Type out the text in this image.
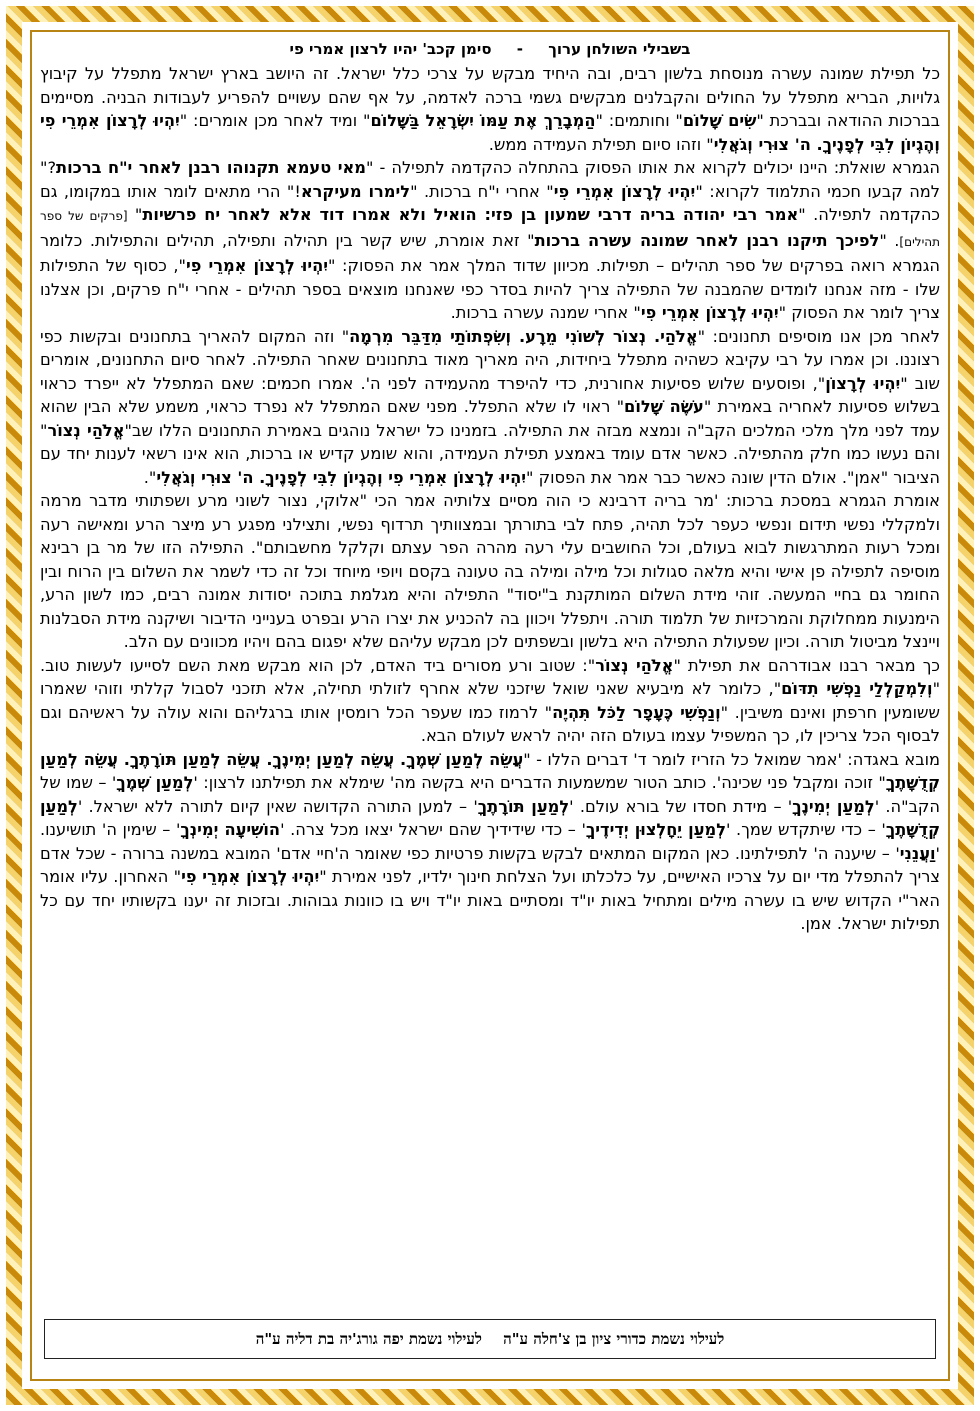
בשבילי השולחן ערוך - סימן קכב' יהיו לרצון אמרי פי

כל תפילת שמונה עשרה מנוסחת בלשון רבים, ובה היחיד מבקש על צרכי כלל ישראל. זה היושב בארץ ישראל מתפלל על קיבוץ גלויות, הבריא מתפלל על החולים והקבלנים מבקשים גשמי ברכה לאדמה, על אף שהם עשויים להפריע לעבודות הבניה. מסיימים בברכות ההודאה ובברכת "שִׂים שָׁלוֹם" וחותמים: "הַמְבָרֵךְ אֶת עַמּוֹ יִשְׂרָאֵל בַּשָּׁלוֹם" ומיד לאחר מכן אומרים: "יִהְיוּ לְרָצוֹן אִמְרֵי פִי וְהֶגְיוֹן לִבִּי לְפָנֶיךָ. ה' צוּרִי וְגֹאֲלִי" וזהו סיום תפילת העמידה ממש.

הגמרא שואלת: היינו יכולים לקרוא את אותו הפסוק בהתחלה כהקדמה לתפילה - "מאי טעמא תקנוהו רבנן לאחר י"ח ברכות?" למה קבעו חכמי התלמוד לקרוא: "יִהְיוּ לְרָצוֹן אִמְרֵי פִי" אחרי י"ח ברכות. "לימרו מעיקרא!" הרי מתאים לומר אותו במקומו, גם כהקדמה לתפילה. "אמר רבי יהודה בריה דרבי שמעון בן פזי: הואיל ולא אמרו דוד אלא לאחר יח פרשיות" [פרקים של ספר תהילים]. "לפיכך תיקנו רבנן לאחר שמונה עשרה ברכות" זאת אומרת, שיש קשר בין תהילה ותפילה, תהילים והתפילות. כלומר הגמרא רואה בפרקים של ספר תהילים – תפילות. מכיוון שדוד המלך אמר את הפסוק: "יִהְיוּ לְרָצוֹן אִמְרֵי פִי", כסוף של התפילות שלו - מזה אנחנו לומדים שהמבנה של התפילה צריך להיות בסדר כפי שאנחנו מוצאים בספר תהילים - אחרי י"ח פרקים, וכן אצלנו צריך לומר את הפסוק "יִהְיוּ לְרָצוֹן אִמְרֵי פִי" אחרי שמנה עשרה ברכות.

לאחר מכן אנו מוסיפים תחנונים: "אֱלֹהַי. נְצוֹר לְשׁוֹנִי מֵרָע. וְשִׂפְתוֹתַי מִדַּבֵּר מִרְמָה" וזה המקום להאריך בתחנונים ובקשות כפי רצוננו. וכן אמרו על רבי עקיבא כשהיה מתפלל ביחידות, היה מאריך מאוד בתחנונים שאחר התפילה. לאחר סיום התחנונים, אומרים שוב "יִהְיוּ לְרָצוֹן", ופוסעים שלוש פסיעות אחורנית, כדי להיפרד מהעמידה לפני ה'. אמרו חכמים: שאם המתפלל לא ייפרד כראוי בשלוש פסיעות לאחריה באמירת "עֹשֶׂה שָׁלוֹם" ראוי לו שלא התפלל. מפני שאם המתפלל לא נפרד כראוי, משמע שלא הבין שהוא עמד לפני מלך מלכי המלכים הקב"ה ונמצא מבזה את התפילה. בזמנינו כל ישראל נוהגים באמירת התחנונים הללו שב"אֱלֹהַי נְצוֹר" והם נעשו כמו חלק מהתפילה. כאשר אדם עומד באמצע תפילת העמידה, והוא שומע קדיש או ברכות, הוא אינו רשאי לענות יחד עם הציבור "אמן". אולם הדין שונה כאשר כבר אמר את הפסוק "יִהְיוּ לְרָצוֹן אִמְרֵי פִי וְהֶגְיוֹן לִבִּי לְפָנֶיךָ. ה' צוּרִי וְגֹאֲלִי".

אומרת הגמרא במסכת ברכות: 'מר בריה דרבינא כי הוה מסיים צלותיה אמר הכי "אלוקי, נצור לשוני מרע ושפתותי מדבר מרמה ולמקללי נפשי תידום ונפשי כעפר לכל תהיה, פתח לבי בתורתך ובמצוותיך תרדוף נפשי, ותצילני מפגע רע מיצר הרע ומאישה רעה ומכל רעות המתרגשות לבוא בעולם, וכל החושבים עלי רעה מהרה הפר עצתם וקלקל מחשבותם". התפילה הזו של מר בן רבינא מוסיפה לתפילה פן אישי והיא מלאה סגולות וכל מילה ומילה בה טעונה בקסם ויופי מיוחד וכל זה כדי לשמר את השלום בין הרוח ובין החומר גם בחיי המעשה. זוהי מידת השלום המותקנת ב"יסוד" התפילה והיא מגלמת בתוכה יסודות אמונה רבים, כמו לשון הרע, הימנעות ממחלוקת והמרכזיות של תלמוד תורה. ויתפלל ויכוון בה להכניע את יצרו הרע ובפרט בענייני הדיבור ושיקנה מידת הסבלנות ויינצל מביטול תורה. וכיון שפעולת התפילה היא בלשון ובשפתים לכן מבקש עליהם שלא יפגום בהם ויהיו מכוונים עם הלב.

כך מבאר רבנו אבודרהם את תפילת "אֱלֹהַי נְצוֹר": שטוב ורע מסורים ביד האדם, לכן הוא מבקש מאת השם לסייעו לעשות טוב. "וְלִמְקַלְלַי נַפְשִׁי תִדּוֹם", כלומר לא מיבעיא שאני שואל שיזכני שלא אחרף לזולתי תחילה, אלא תזכני לסבול קללתי וזוהי שאמרו ששומעין חרפתן ואינם משיבין. "וְנַפְשִׁי כֶּעָפָר לַכֹּל תִּהְיֶה" לרמוז כמו שעפר הכל רומסין אותו ברגליהם והוא עולה על ראשיהם וגם לבסוף הכל צריכין לו, כך המשפיל עצמו בעולם הזה יהיה לראש לעולם הבא.

מובא באגדה: 'אמר שמואל כל הזריז לומר ד' דברים הללו - "עֲשֵׂה לְמַעַן שְׁמֶךָ. עֲשֵׂה לְמַעַן יְמִינֶךָ. עֲשֵׂה לְמַעַן תּוֹרָתֶךָ. עֲשֵׂה לְמַעַן קְדֻשָּׁתֶךָ" זוכה ומקבל פני שכינה'. כותב הטור שמשמעות הדברים היא בקשה מה' שימלא את תפילתנו לרצון: 'לְמַעַן שְׁמֶךָ' – שמו של הקב"ה. 'לְמַעַן יְמִינֶךָ' – מידת חסדו של בורא עולם. 'לְמַעַן תּוֹרָתֶךָ' – למען התורה הקדושה שאין קיום לתורה ללא ישראל. 'לְמַעַן קְדֻשָּׁתֶךָ' – כדי שיתקדש שמך. 'לְמַעַן יֵחָלְצוּן יְדִידֶיךָ' – כדי שידידיך שהם ישראל יצאו מכל צרה. 'הוֹשִׁיעָה יְמִינְךָ' – שימין ה' תושיענו. 'וַעֲנֵנִי' – שיענה ה' לתפילתינו. כאן המקום המתאים לבקש בקשות פרטיות כפי שאומר ה'חיי אדם' המובא במשנה ברורה - שכל אדם צריך להתפלל מדי יום על צרכיו האישיים, על כלכלתו ועל הצלחת חינוך ילדיו, לפני אמירת "יִהְיוּ לְרָצוֹן אִמְרֵי פִי" האחרון. עליו אומר האר"י הקדוש שיש בו עשרה מילים ומתחיל באות יו"ד ומסתיים באות יו"ד ויש בו כוונות גבוהות. ובזכות זה יענו בקשותיו יחד עם כל תפילות ישראל. אמן.

לעילוי נשמת כדורי ציון בן צ'חלה ע"ה לעילוי נשמת יפה גורג'יה בת דליה ע"ה
